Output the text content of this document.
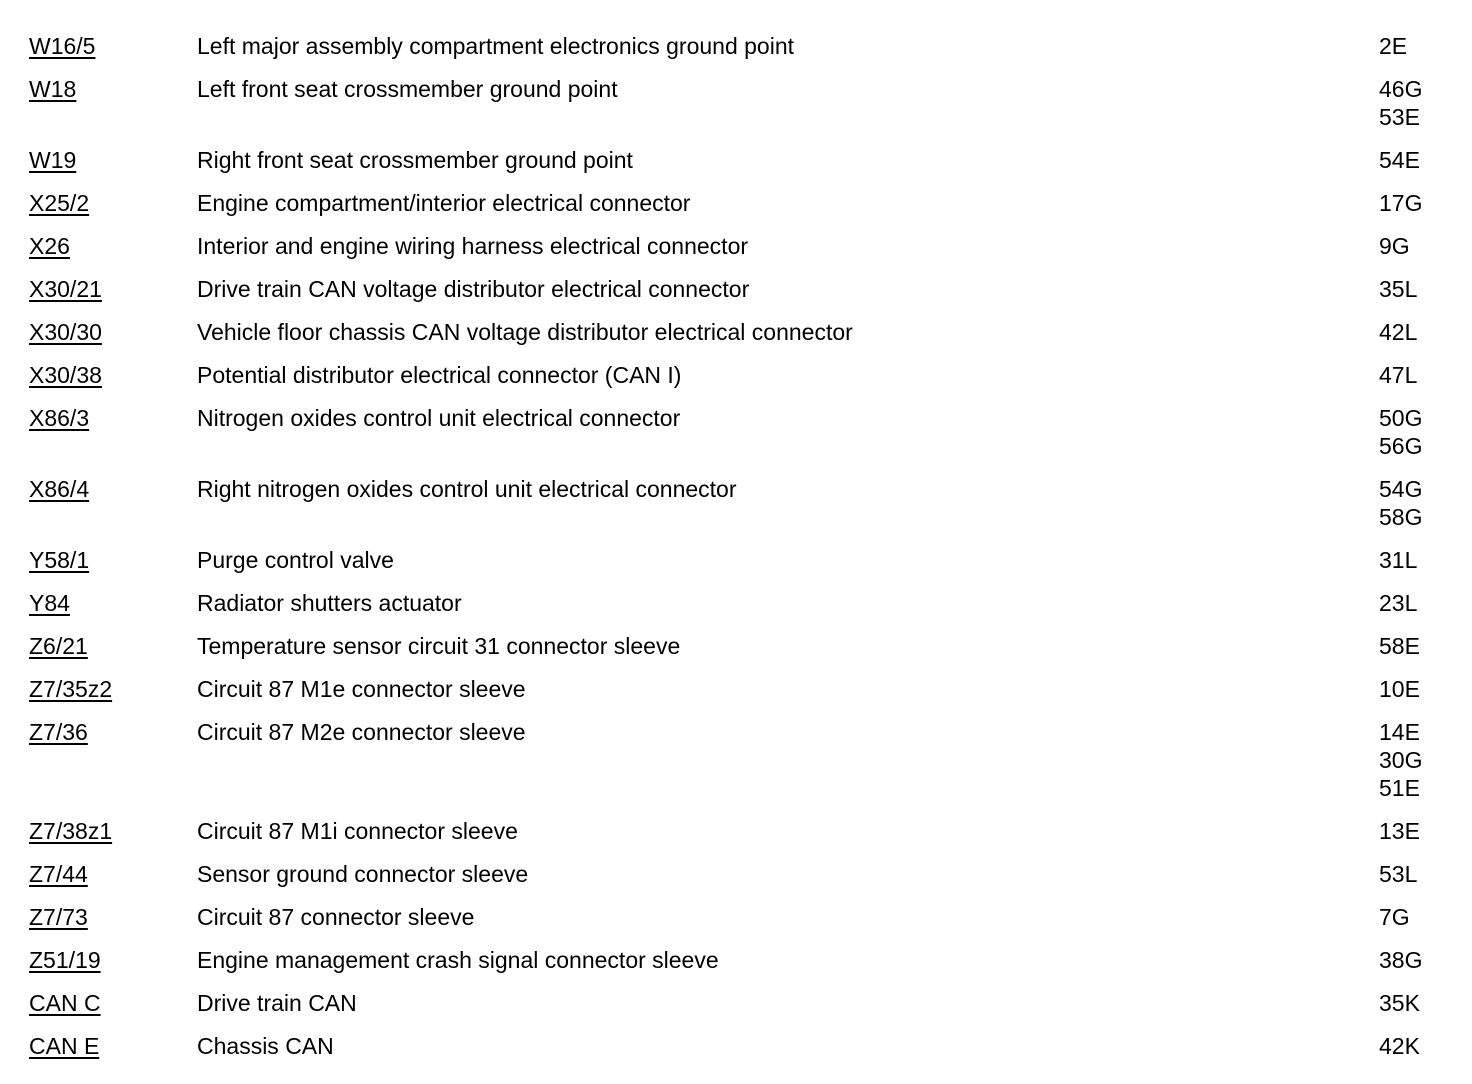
W16/5	Left major assembly compartment electronics ground point	2E
W18	Left front seat crossmember ground point	46G
53E
W19	Right front seat crossmember ground point	54E
X25/2	Engine compartment/interior electrical connector	17G
X26	Interior and engine wiring harness electrical connector	9G
X30/21	Drive train CAN voltage distributor electrical connector	35L
X30/30	Vehicle floor chassis CAN voltage distributor electrical connector	42L
X30/38	Potential distributor electrical connector (CAN I)	47L
X86/3	Nitrogen oxides control unit electrical connector	50G
56G
X86/4	Right nitrogen oxides control unit electrical connector	54G
58G
Y58/1	Purge control valve	31L
Y84	Radiator shutters actuator	23L
Z6/21	Temperature sensor circuit 31 connector sleeve	58E
Z7/35z2	Circuit 87 M1e connector sleeve	10E
Z7/36	Circuit 87 M2e connector sleeve	14E
30G
51E
Z7/38z1	Circuit 87 M1i connector sleeve	13E
Z7/44	Sensor ground connector sleeve	53L
Z7/73	Circuit 87 connector sleeve	7G
Z51/19	Engine management crash signal connector sleeve	38G
CAN C	Drive train CAN	35K
CAN E	Chassis CAN	42K
